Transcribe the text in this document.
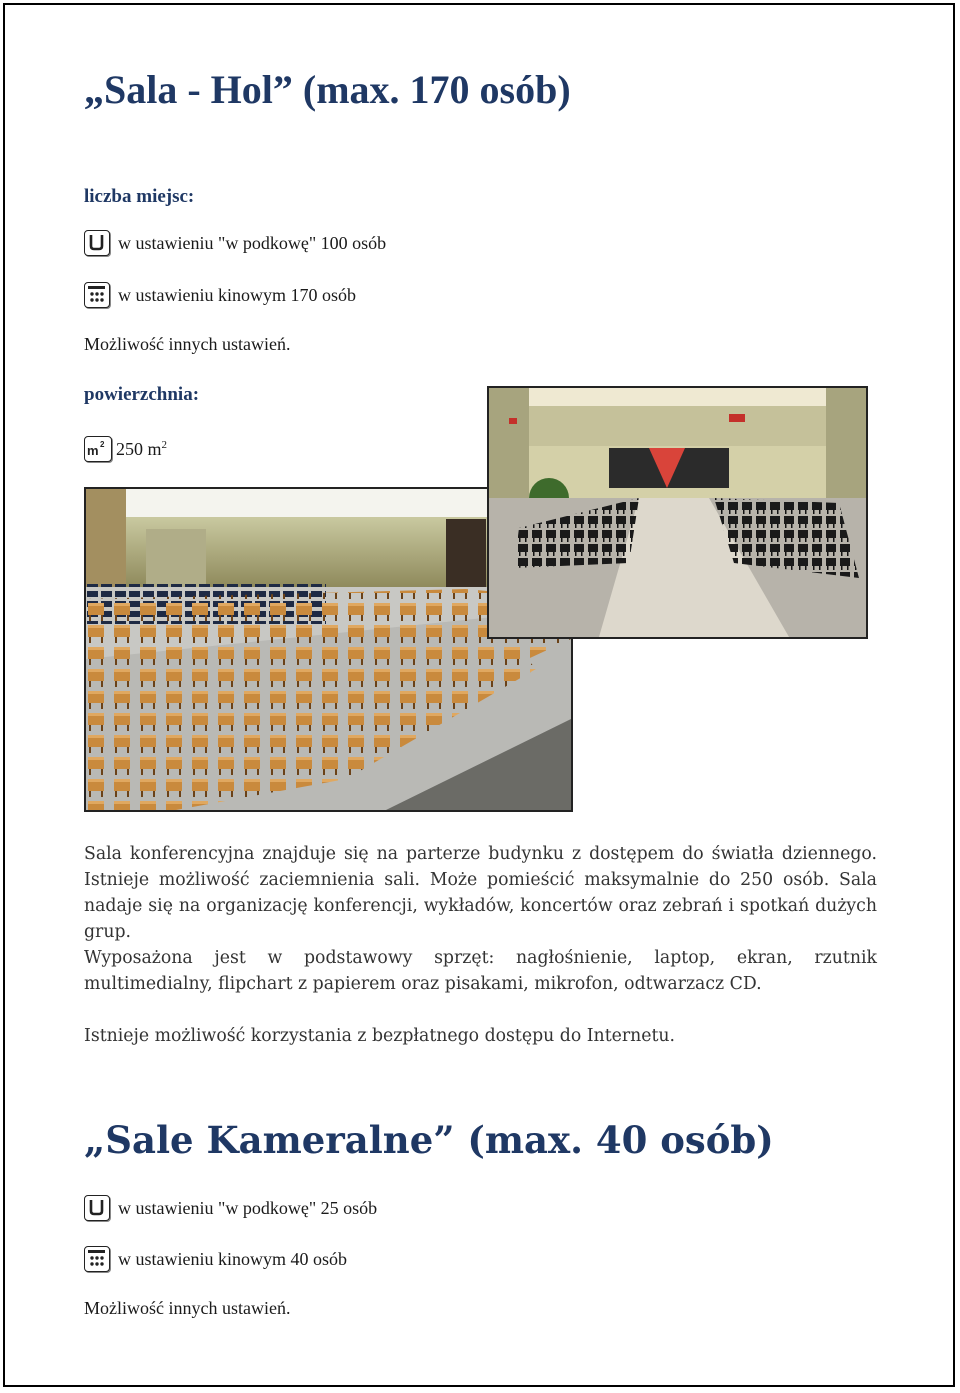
„Sala - Hol” (max. 170 osób)
liczba miejsc:
w ustawieniu "w podkowę" 100 osób
w ustawieniu kinowym 170 osób
Możliwość innych ustawień.
powierzchnia:
m 2 250 $m^2$
Sala konferencyjna znajduje się na parterze budynku z dostępem do światła dziennego. Istnieje możliwość zaciemnienia sali. Może pomieścić maksymalnie do 250 osób. Sala nadaje się na organizację konferencji, wykładów, koncertów oraz zebrań i spotkań dużych grup.
Wyposażona jest w podstawowy sprzęt: nagłośnienie, laptop, ekran, rzutnik multimedialny, flipchart z papierem oraz pisakami, mikrofon, odtwarzacz CD.
Istnieje możliwość korzystania z bezpłatnego dostępu do Internetu.
„Sale Kameralne” (max. 40 osób)
w ustawieniu "w podkowę" 25 osób
w ustawieniu kinowym 40 osób
Możliwość innych ustawień.
